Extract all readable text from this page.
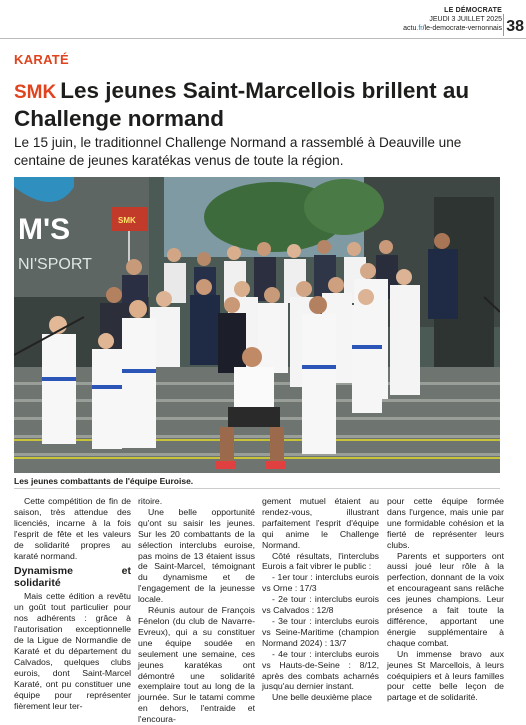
LE DÉMOCRATE
JEUDI 3 JUILLET 2025
actu.fr/le-democrate-vernonnais 38
KARATÉ
SMK Les jeunes Saint-Marcellois brillent au Challenge normand
Le 15 juin, le traditionnel Challenge Normand a rassemblé à Deauville une centaine de jeunes karatékas venus de toute la région.
M'S
NI'SPORT
SMK
Les jeunes combattants de l'équipe Euroise.

Cette compétition de fin de saison, très attendue des licenciés, incarne à la fois l'esprit de fête et les valeurs de solidarité propres au karaté normand.

Dynamisme et solidarité

Mais cette édition a revêtu un goût tout particulier pour nos adhérents : grâce à l'autorisation exceptionnelle de la Ligue de Normandie de Karaté et du département du Calvados, quelques clubs eurois, dont Saint-Marcel Karaté, ont pu constituer une équipe pour représenter fièrement leur ter-

ritoire.

Une belle opportunité qu'ont su saisir les jeunes. Sur les 20 combattants de la sélection interclubs euroise, pas moins de 13 étaient issus de Saint-Marcel, témoignant du dynamisme et de l'engagement de la jeunesse locale.

Réunis autour de François Fénelon (du club de Navarre-Evreux), qui a su constituer une équipe soudée en seulement une semaine, ces jeunes karatékas ont démontré une solidarité exemplaire tout au long de la journée. Sur le tatami comme en dehors, l'entraide et l'encoura-

gement mutuel étaient au rendez-vous, illustrant parfaitement l'esprit d'équipe qui anime le Challenge Normand.

Côté résultats, l'interclubs Eurois a fait vibrer le public :

- 1er tour : interclubs eurois vs Orne : 17/3

- 2e tour : interclubs eurois vs Calvados : 12/8

- 3e tour : interclubs eurois vs Seine-Maritime (champion Normand 2024) : 13/7

- 4e tour : interclubs eurois vs Hauts-de-Seine : 8/12, après des combats acharnés jusqu'au dernier instant.

Une belle deuxième place

pour cette équipe formée dans l'urgence, mais unie par une formidable cohésion et la fierté de représenter leurs clubs.

Parents et supporters ont aussi joué leur rôle à la perfection, donnant de la voix et encourageant sans relâche ces jeunes champions. Leur présence a fait toute la différence, apportant une énergie supplémentaire à chaque combat.

Un immense bravo aux jeunes St Marcellois, à leurs coéquipiers et à leurs familles pour cette belle leçon de partage et de solidarité.
